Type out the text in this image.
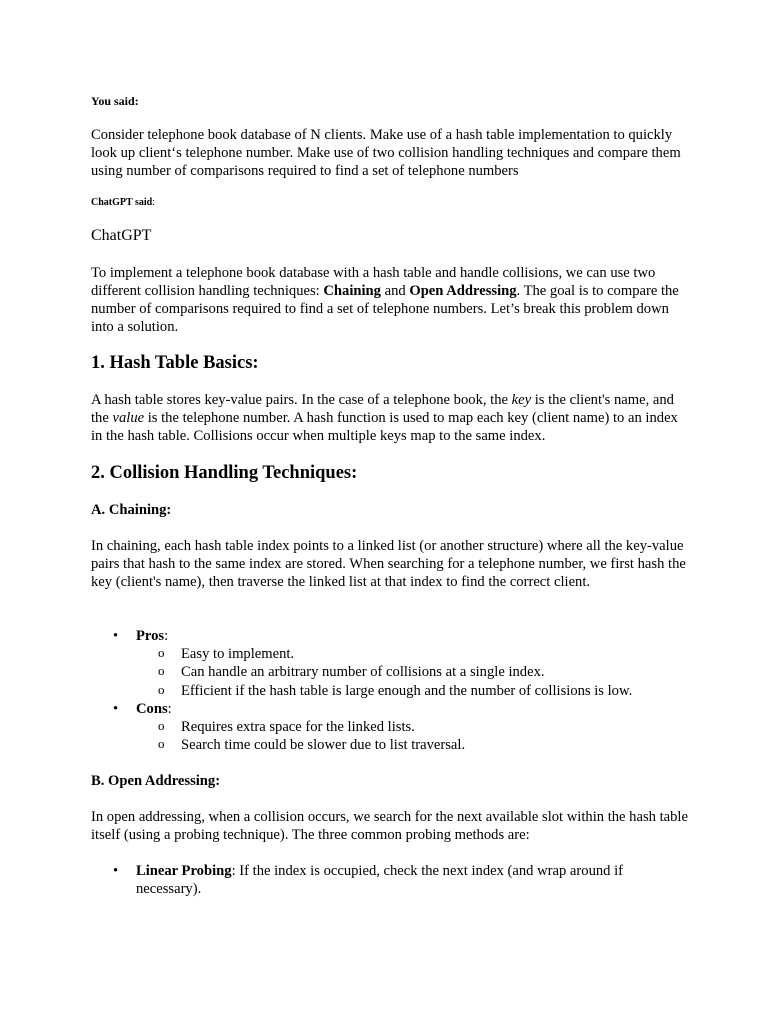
You said:

Consider telephone book database of N clients. Make use of a hash table implementation to quickly look up client‘s telephone number. Make use of two collision handling techniques and compare them using number of comparisons required to find a set of telephone numbers

ChatGPT said:

ChatGPT

To implement a telephone book database with a hash table and handle collisions, we can use two different collision handling techniques: Chaining and Open Addressing. The goal is to compare the number of comparisons required to find a set of telephone numbers. Let’s break this problem down into a solution.

1. Hash Table Basics:

A hash table stores key-value pairs. In the case of a telephone book, the key is the client's name, and the value is the telephone number. A hash function is used to map each key (client name) to an index in the hash table. Collisions occur when multiple keys map to the same index.

2. Collision Handling Techniques:

A. Chaining:

In chaining, each hash table index points to a linked list (or another structure) where all the key-value pairs that hash to the same index are stored. When searching for a telephone number, we first hash the key (client's name), then traverse the linked list at that index to find the correct client.

• Pros:
o Easy to implement.
o Can handle an arbitrary number of collisions at a single index.
o Efficient if the hash table is large enough and the number of collisions is low.
• Cons:
o Requires extra space for the linked lists.
o Search time could be slower due to list traversal.

B. Open Addressing:

In open addressing, when a collision occurs, we search for the next available slot within the hash table itself (using a probing technique). The three common probing methods are:

• Linear Probing: If the index is occupied, check the next index (and wrap around if necessary).
